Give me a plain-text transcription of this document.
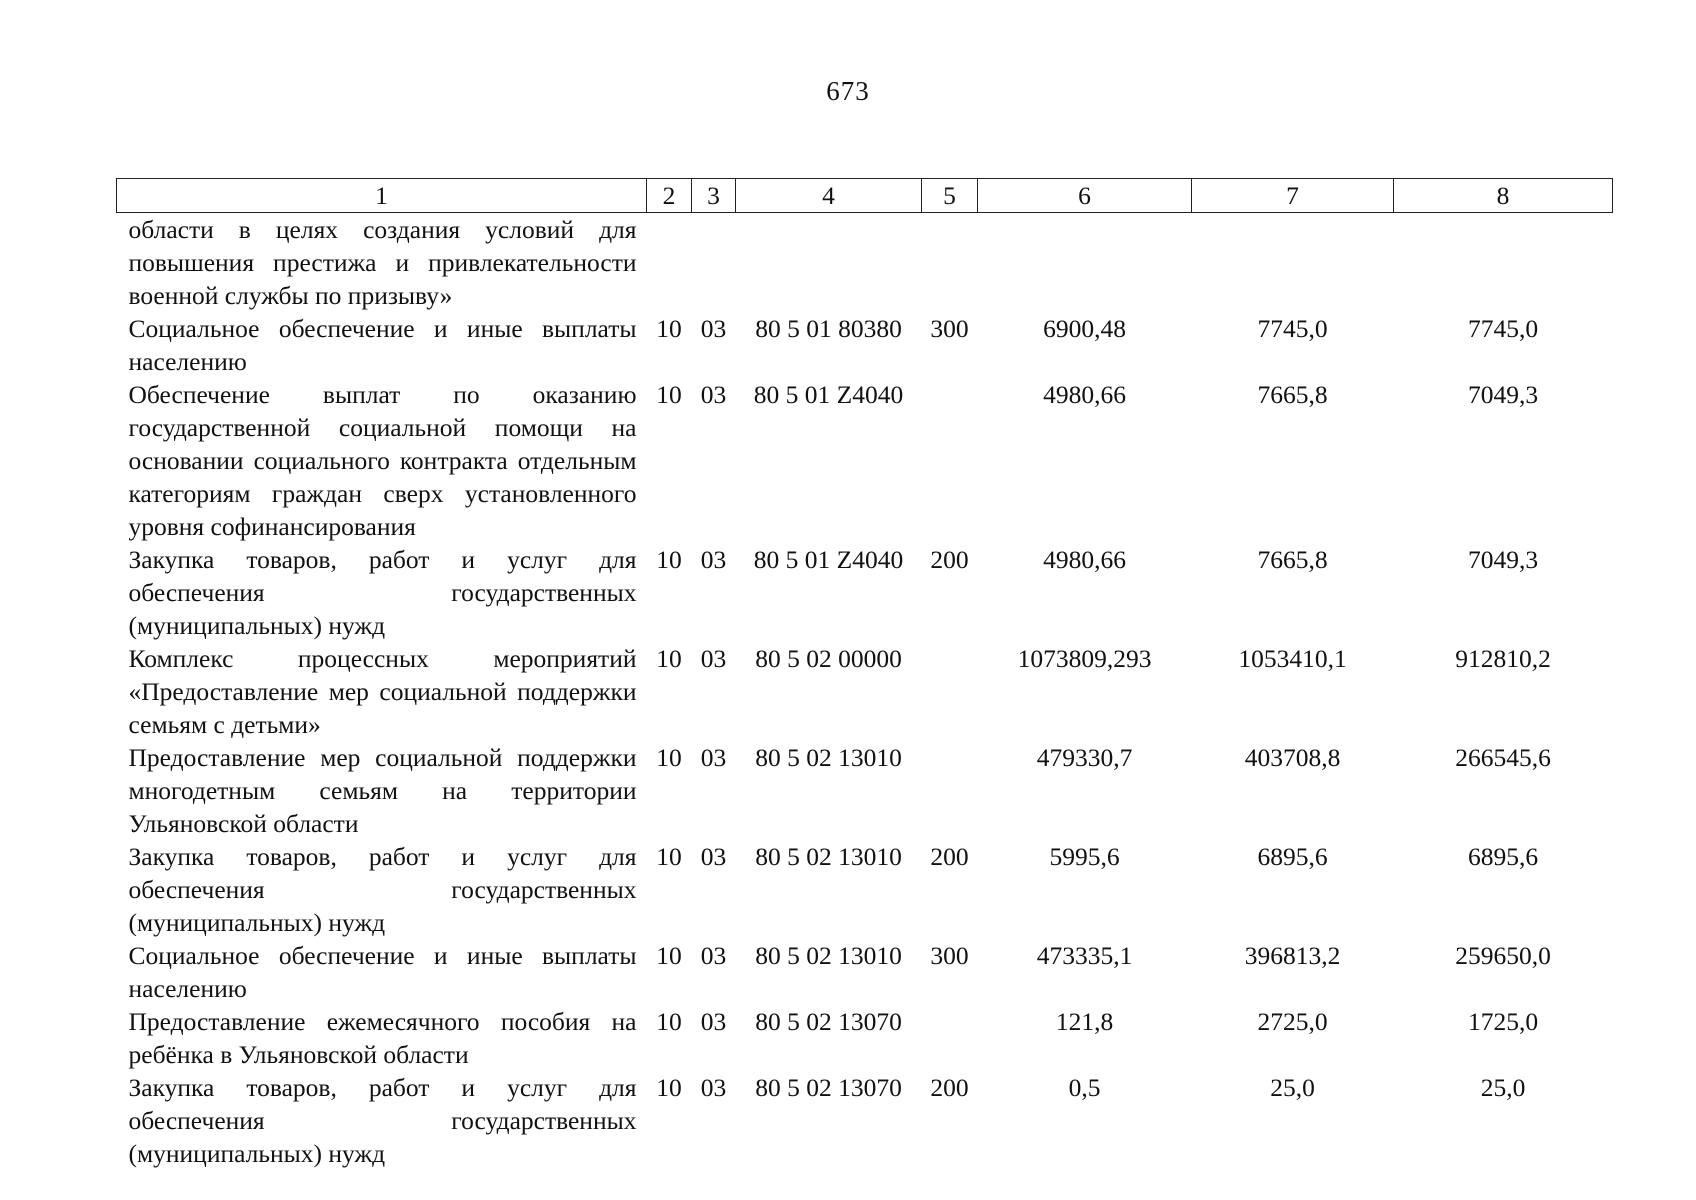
673
1	2	3	4	5	6	7	8
области в целях создания условий для повышения престижа и привлекательности военной службы по призыву»							
Социальное обеспечение и иные выплаты населению	10	03	80 5 01 80380	300	6900,48	7745,0	7745,0
Обеспечение выплат по оказанию государственной социальной помощи на основании социального контракта отдельным категориям граждан сверх установленного уровня софинансирования	10	03	80 5 01 Z4040		4980,66	7665,8	7049,3
Закупка товаров, работ и услуг для обеспечения государственных (муниципальных) нужд	10	03	80 5 01 Z4040	200	4980,66	7665,8	7049,3
Комплекс процессных мероприятий «Предоставление мер социальной поддержки семьям с детьми»	10	03	80 5 02 00000		1073809,293	1053410,1	912810,2
Предоставление мер социальной поддержки многодетным семьям на территории Ульяновской области	10	03	80 5 02 13010		479330,7	403708,8	266545,6
Закупка товаров, работ и услуг для обеспечения государственных (муниципальных) нужд	10	03	80 5 02 13010	200	5995,6	6895,6	6895,6
Социальное обеспечение и иные выплаты населению	10	03	80 5 02 13010	300	473335,1	396813,2	259650,0
Предоставление ежемесячного пособия на ребёнка в Ульяновской области	10	03	80 5 02 13070		121,8	2725,0	1725,0
Закупка товаров, работ и услуг для обеспечения государственных (муниципальных) нужд	10	03	80 5 02 13070	200	0,5	25,0	25,0
